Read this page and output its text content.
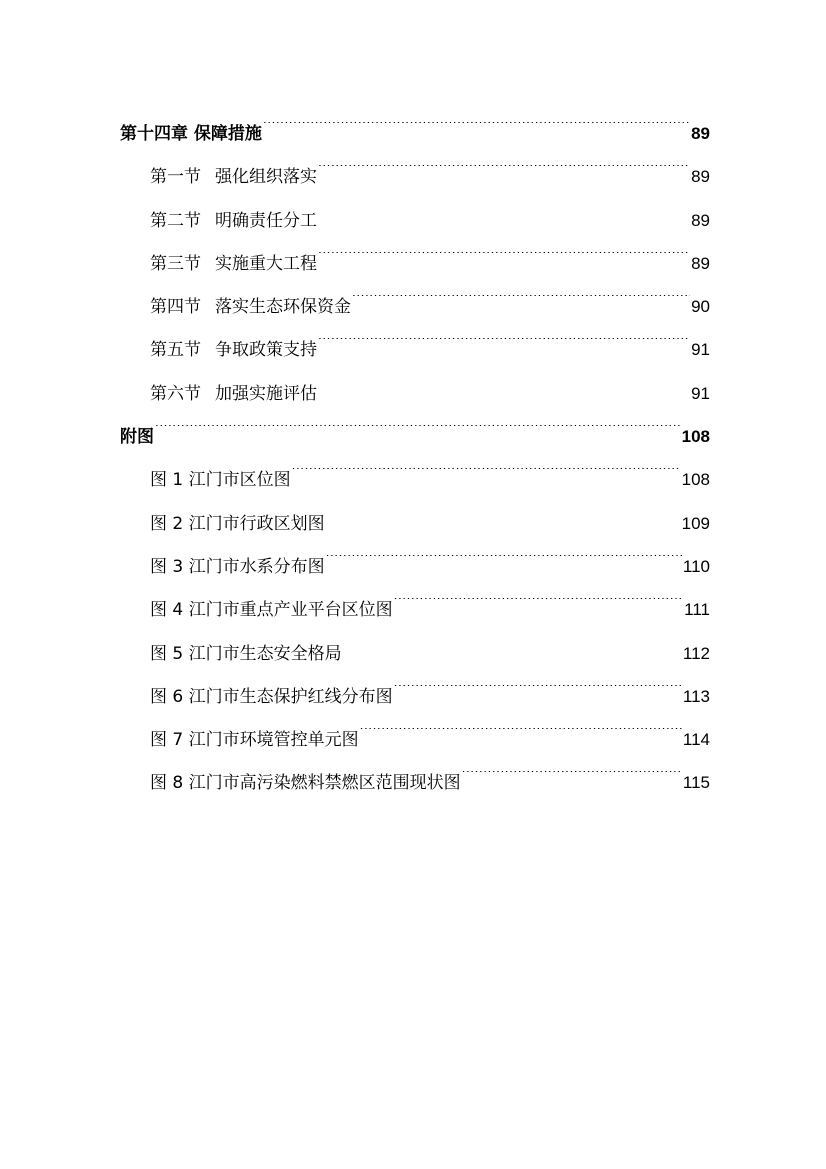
第十四章 保障措施 .....	89
第一节 强化组织落实 .....	89
第二节 明确责任分工 .....	89
第三节 实施重大工程 .....	89
第四节 落实生态环保资金 .....	90
第五节 争取政策支持 .....	91
第六节 加强实施评估 .....	91
附图 .....	108
图 1 江门市区位图 .....	108
图 2 江门市行政区划图 .....	109
图 3 江门市水系分布图 .....	110
图 4 江门市重点产业平台区位图 .....	111
图 5 江门市生态安全格局 .....	112
图 6 江门市生态保护红线分布图 .....	113
图 7 江门市环境管控单元图 .....	114
图 8 江门市高污染燃料禁燃区范围现状图 .....	115
